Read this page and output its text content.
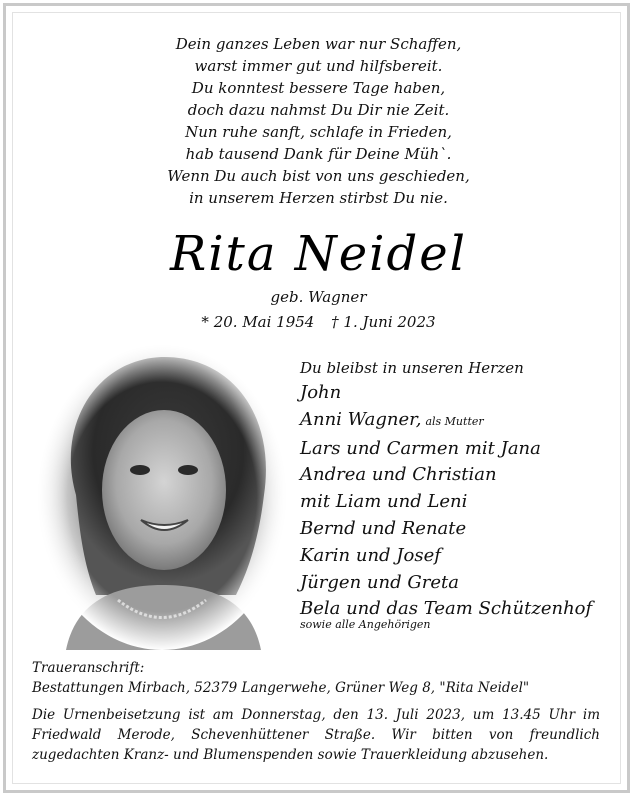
Dein ganzes Leben war nur Schaffen,
warst immer gut und hilfsbereit.
Du konntest bessere Tage haben,
doch dazu nahmst Du Dir nie Zeit.
Nun ruhe sanft, schlafe in Frieden,
hab tausend Dank für Deine Müh`.
Wenn Du auch bist von uns geschieden,
in unserem Herzen stirbst Du nie.
Rita Neidel
geb. Wagner
* 20. Mai 1954 † 1. Juni 2023
Du bleibst in unseren Herzen
John
Anni Wagner, als Mutter
Lars und Carmen mit Jana
Andrea und Christian
mit Liam und Leni
Bernd und Renate
Karin und Josef
Jürgen und Greta
Bela und das Team Schützenhof
sowie alle Angehörigen
Traueranschrift:
Bestattungen Mirbach, 52379 Langerwehe, Grüner Weg 8, "Rita Neidel"
Die Urnenbeisetzung ist am Donnerstag, den 13. Juli 2023, um 13.45 Uhr im Friedwald Merode, Schevenhüttener Straße. Wir bitten von freundlich zugedachten Kranz- und Blumenspenden sowie Trauerkleidung abzusehen.
